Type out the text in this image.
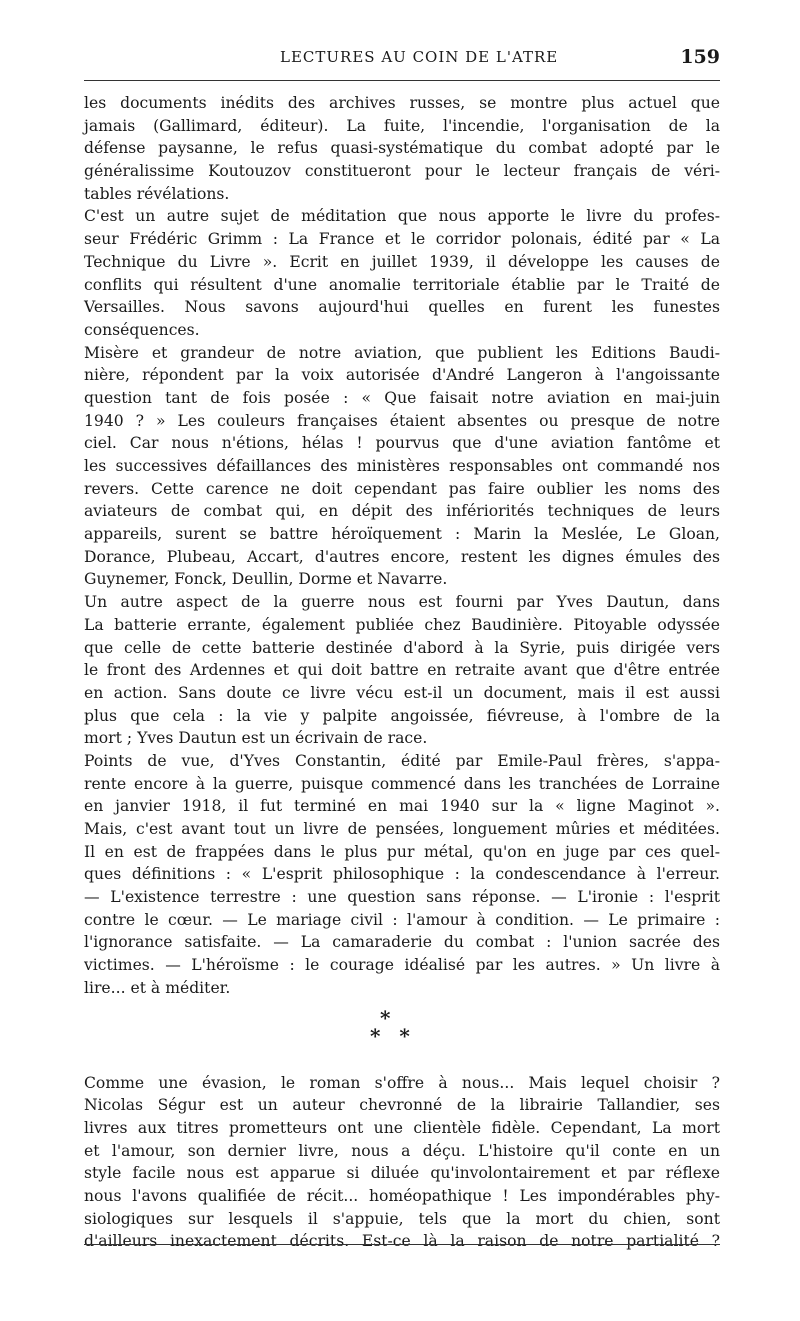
LECTURES AU COIN DE L'ATRE	159
les documents inédits des archives russes, se montre plus actuel que
jamais (Gallimard, éditeur). La fuite, l'incendie, l'organisation de la
défense paysanne, le refus quasi-systématique du combat adopté par le
généralissime Koutouzov constitueront pour le lecteur français de véri-
tables révélations.
C'est un autre sujet de méditation que nous apporte le livre du profes-
seur Frédéric Grimm : La France et le corridor polonais, édité par « La
Technique du Livre ». Ecrit en juillet 1939, il développe les causes de
conflits qui résultent d'une anomalie territoriale établie par le Traité de
Versailles. Nous savons aujourd'hui quelles en furent les funestes
conséquences.
Misère et grandeur de notre aviation, que publient les Editions Baudi-
nière, répondent par la voix autorisée d'André Langeron à l'angoissante
question tant de fois posée : « Que faisait notre aviation en mai-juin
1940 ? » Les couleurs françaises étaient absentes ou presque de notre
ciel. Car nous n'étions, hélas ! pourvus que d'une aviation fantôme et
les successives défaillances des ministères responsables ont commandé nos
revers. Cette carence ne doit cependant pas faire oublier les noms des
aviateurs de combat qui, en dépit des infériorités techniques de leurs
appareils, surent se battre héroïquement : Marin la Meslée, Le Gloan,
Dorance, Plubeau, Accart, d'autres encore, restent les dignes émules des
Guynemer, Fonck, Deullin, Dorme et Navarre.
Un autre aspect de la guerre nous est fourni par Yves Dautun, dans
La batterie errante, également publiée chez Baudinière. Pitoyable odyssée
que celle de cette batterie destinée d'abord à la Syrie, puis dirigée vers
le front des Ardennes et qui doit battre en retraite avant que d'être entrée
en action. Sans doute ce livre vécu est-il un document, mais il est aussi
plus que cela : la vie y palpite angoissée, fiévreuse, à l'ombre de la
mort ; Yves Dautun est un écrivain de race.
Points de vue, d'Yves Constantin, édité par Emile-Paul frères, s'appa-
rente encore à la guerre, puisque commencé dans les tranchées de Lorraine
en janvier 1918, il fut terminé en mai 1940 sur la « ligne Maginot ».
Mais, c'est avant tout un livre de pensées, longuement mûries et méditées.
Il en est de frappées dans le plus pur métal, qu'on en juge par ces quel-
ques définitions : « L'esprit philosophique : la condescendance à l'erreur.
— L'existence terrestre : une question sans réponse. — L'ironie : l'esprit
contre le cœur. — Le mariage civil : l'amour à condition. — Le primaire :
l'ignorance satisfaite. — La camaraderie du combat : l'union sacrée des
victimes. — L'héroïsme : le courage idéalisé par les autres. » Un livre à
lire... et à méditer.
*
* *
Comme une évasion, le roman s'offre à nous... Mais lequel choisir ?
Nicolas Ségur est un auteur chevronné de la librairie Tallandier, ses
livres aux titres prometteurs ont une clientèle fidèle. Cependant, La mort
et l'amour, son dernier livre, nous a déçu. L'histoire qu'il conte en un
style facile nous est apparue si diluée qu'involontairement et par réflexe
nous l'avons qualifiée de récit... homéopathique ! Les impondérables phy-
siologiques sur lesquels il s'appuie, tels que la mort du chien, sont
d'ailleurs inexactement décrits. Est-ce là la raison de notre partialité ?
